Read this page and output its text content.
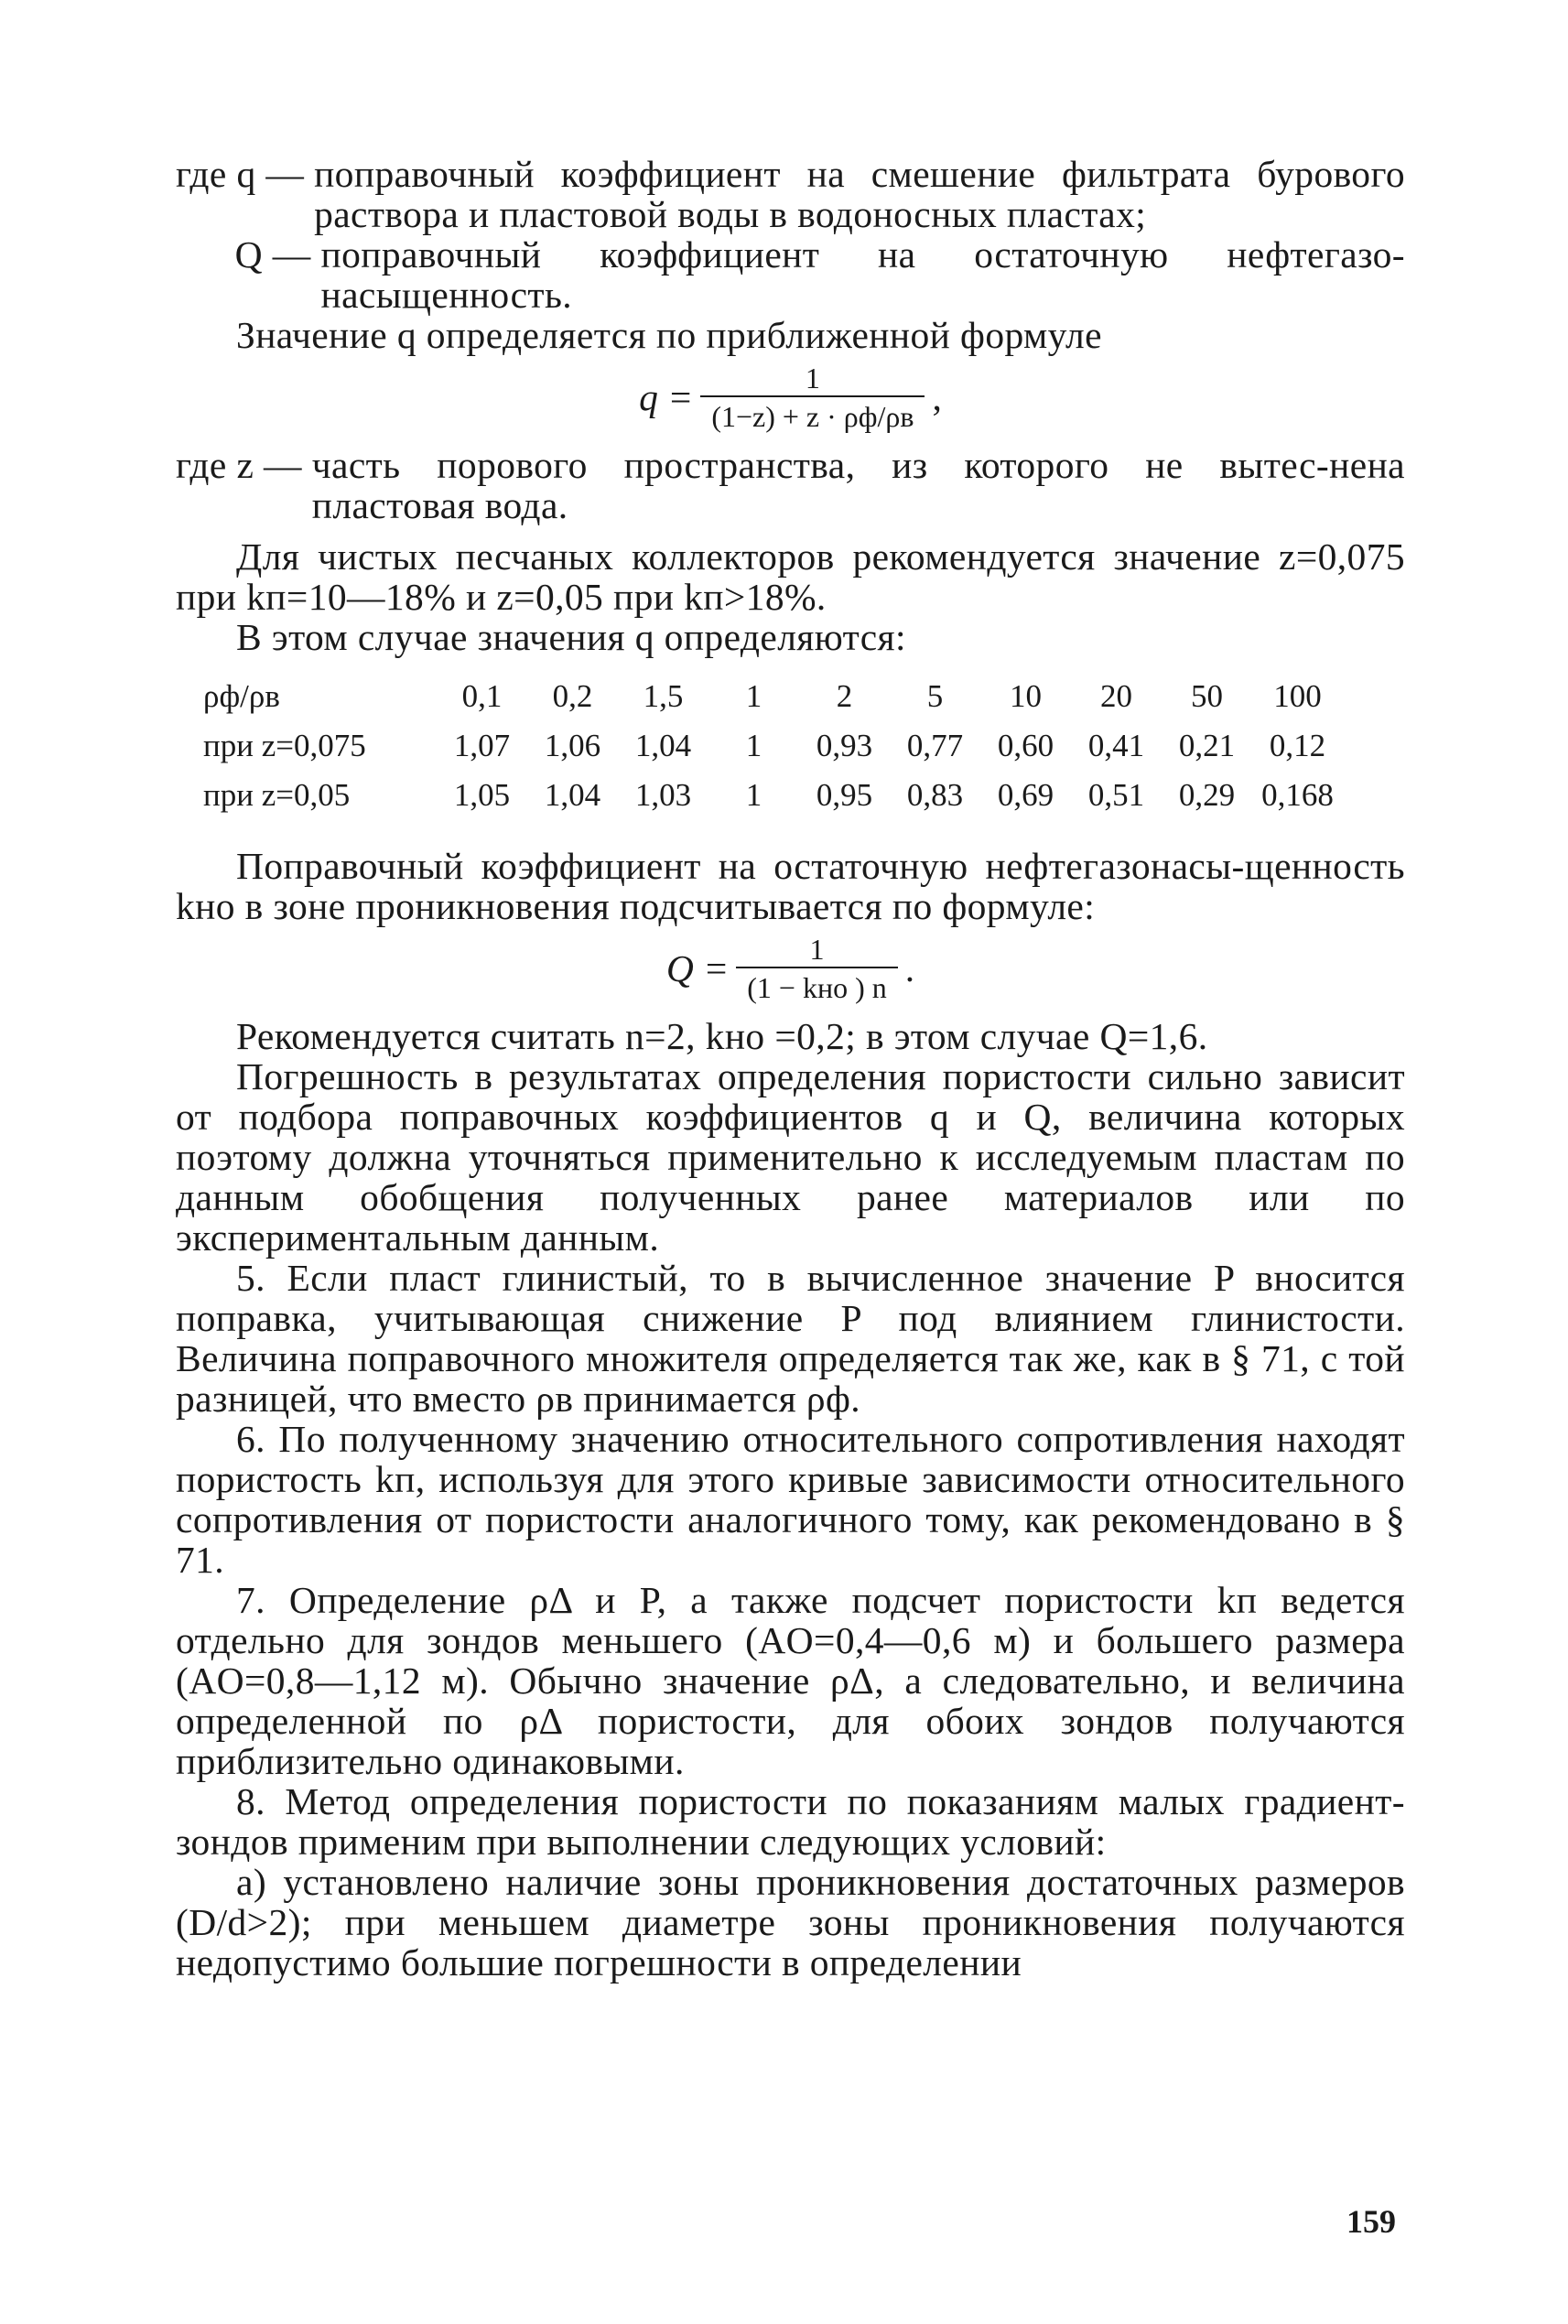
где q — поправочный коэффициент на смешение фильтрата бурового раствора и пластовой воды в водоносных пластах;
Q — поправочный коэффициент на остаточную нефтегазо-насыщенность.

Значение q определяется по приближенной формуле

$q = \frac{1}{(1-z) + z \cdot \rho ф/\rho в}$ ,
где z — часть порового пространства, из которого не вытес-нена пластовая вода.

Для чистых песчаных коллекторов рекомендуется значение z=0,075 при kп=10—18% и z=0,05 при kп>18%.

В этом случае значения q определяются:

ρф/ρв	0,1	0,2	1,5	1	2	5	10	20	50	100
при z=0,075	1,07	1,06	1,04	1	0,93	0,77	0,60	0,41	0,21	0,12
при z=0,05	1,05	1,04	1,03	1	0,95	0,83	0,69	0,51	0,29	0,168

Поправочный коэффициент на остаточную нефтегазонасы-щенность kно в зоне проникновения подсчитывается по формуле:

$Q = \frac{1}{\text{(1 − kно ) n}}$ .

Рекомендуется считать n=2, kно =0,2; в этом случае Q=1,6.

Погрешность в результатах определения пористости сильно зависит от подбора поправочных коэффициентов q и Q, величина которых поэтому должна уточняться применительно к исследуемым пластам по данным обобщения полученных ранее материалов или по экспериментальным данным.

5. Если пласт глинистый, то в вычисленное значение P вносится поправка, учитывающая снижение P под влиянием глинистости. Величина поправочного множителя определяется так же, как в § 71, с той разницей, что вместо ρв принимается ρф.

6. По полученному значению относительного сопротивления находят пористость kп, используя для этого кривые зависимости относительного сопротивления от пористости аналогичного тому, как рекомендовано в § 71.

7. Определение ρΔ и P, а также подсчет пористости kп ведется отдельно для зондов меньшего (AO=0,4—0,6 м) и большего размера (AO=0,8—1,12 м). Обычно значение ρΔ, а следовательно, и величина определенной по ρΔ пористости, для обоих зондов получаются приблизительно одинаковыми.

8. Метод определения пористости по показаниям малых градиент-зондов применим при выполнении следующих условий:

а) установлено наличие зоны проникновения достаточных размеров (D/d>2); при меньшем диаметре зоны проникновения получаются недопустимо большие погрешности в определении

159
